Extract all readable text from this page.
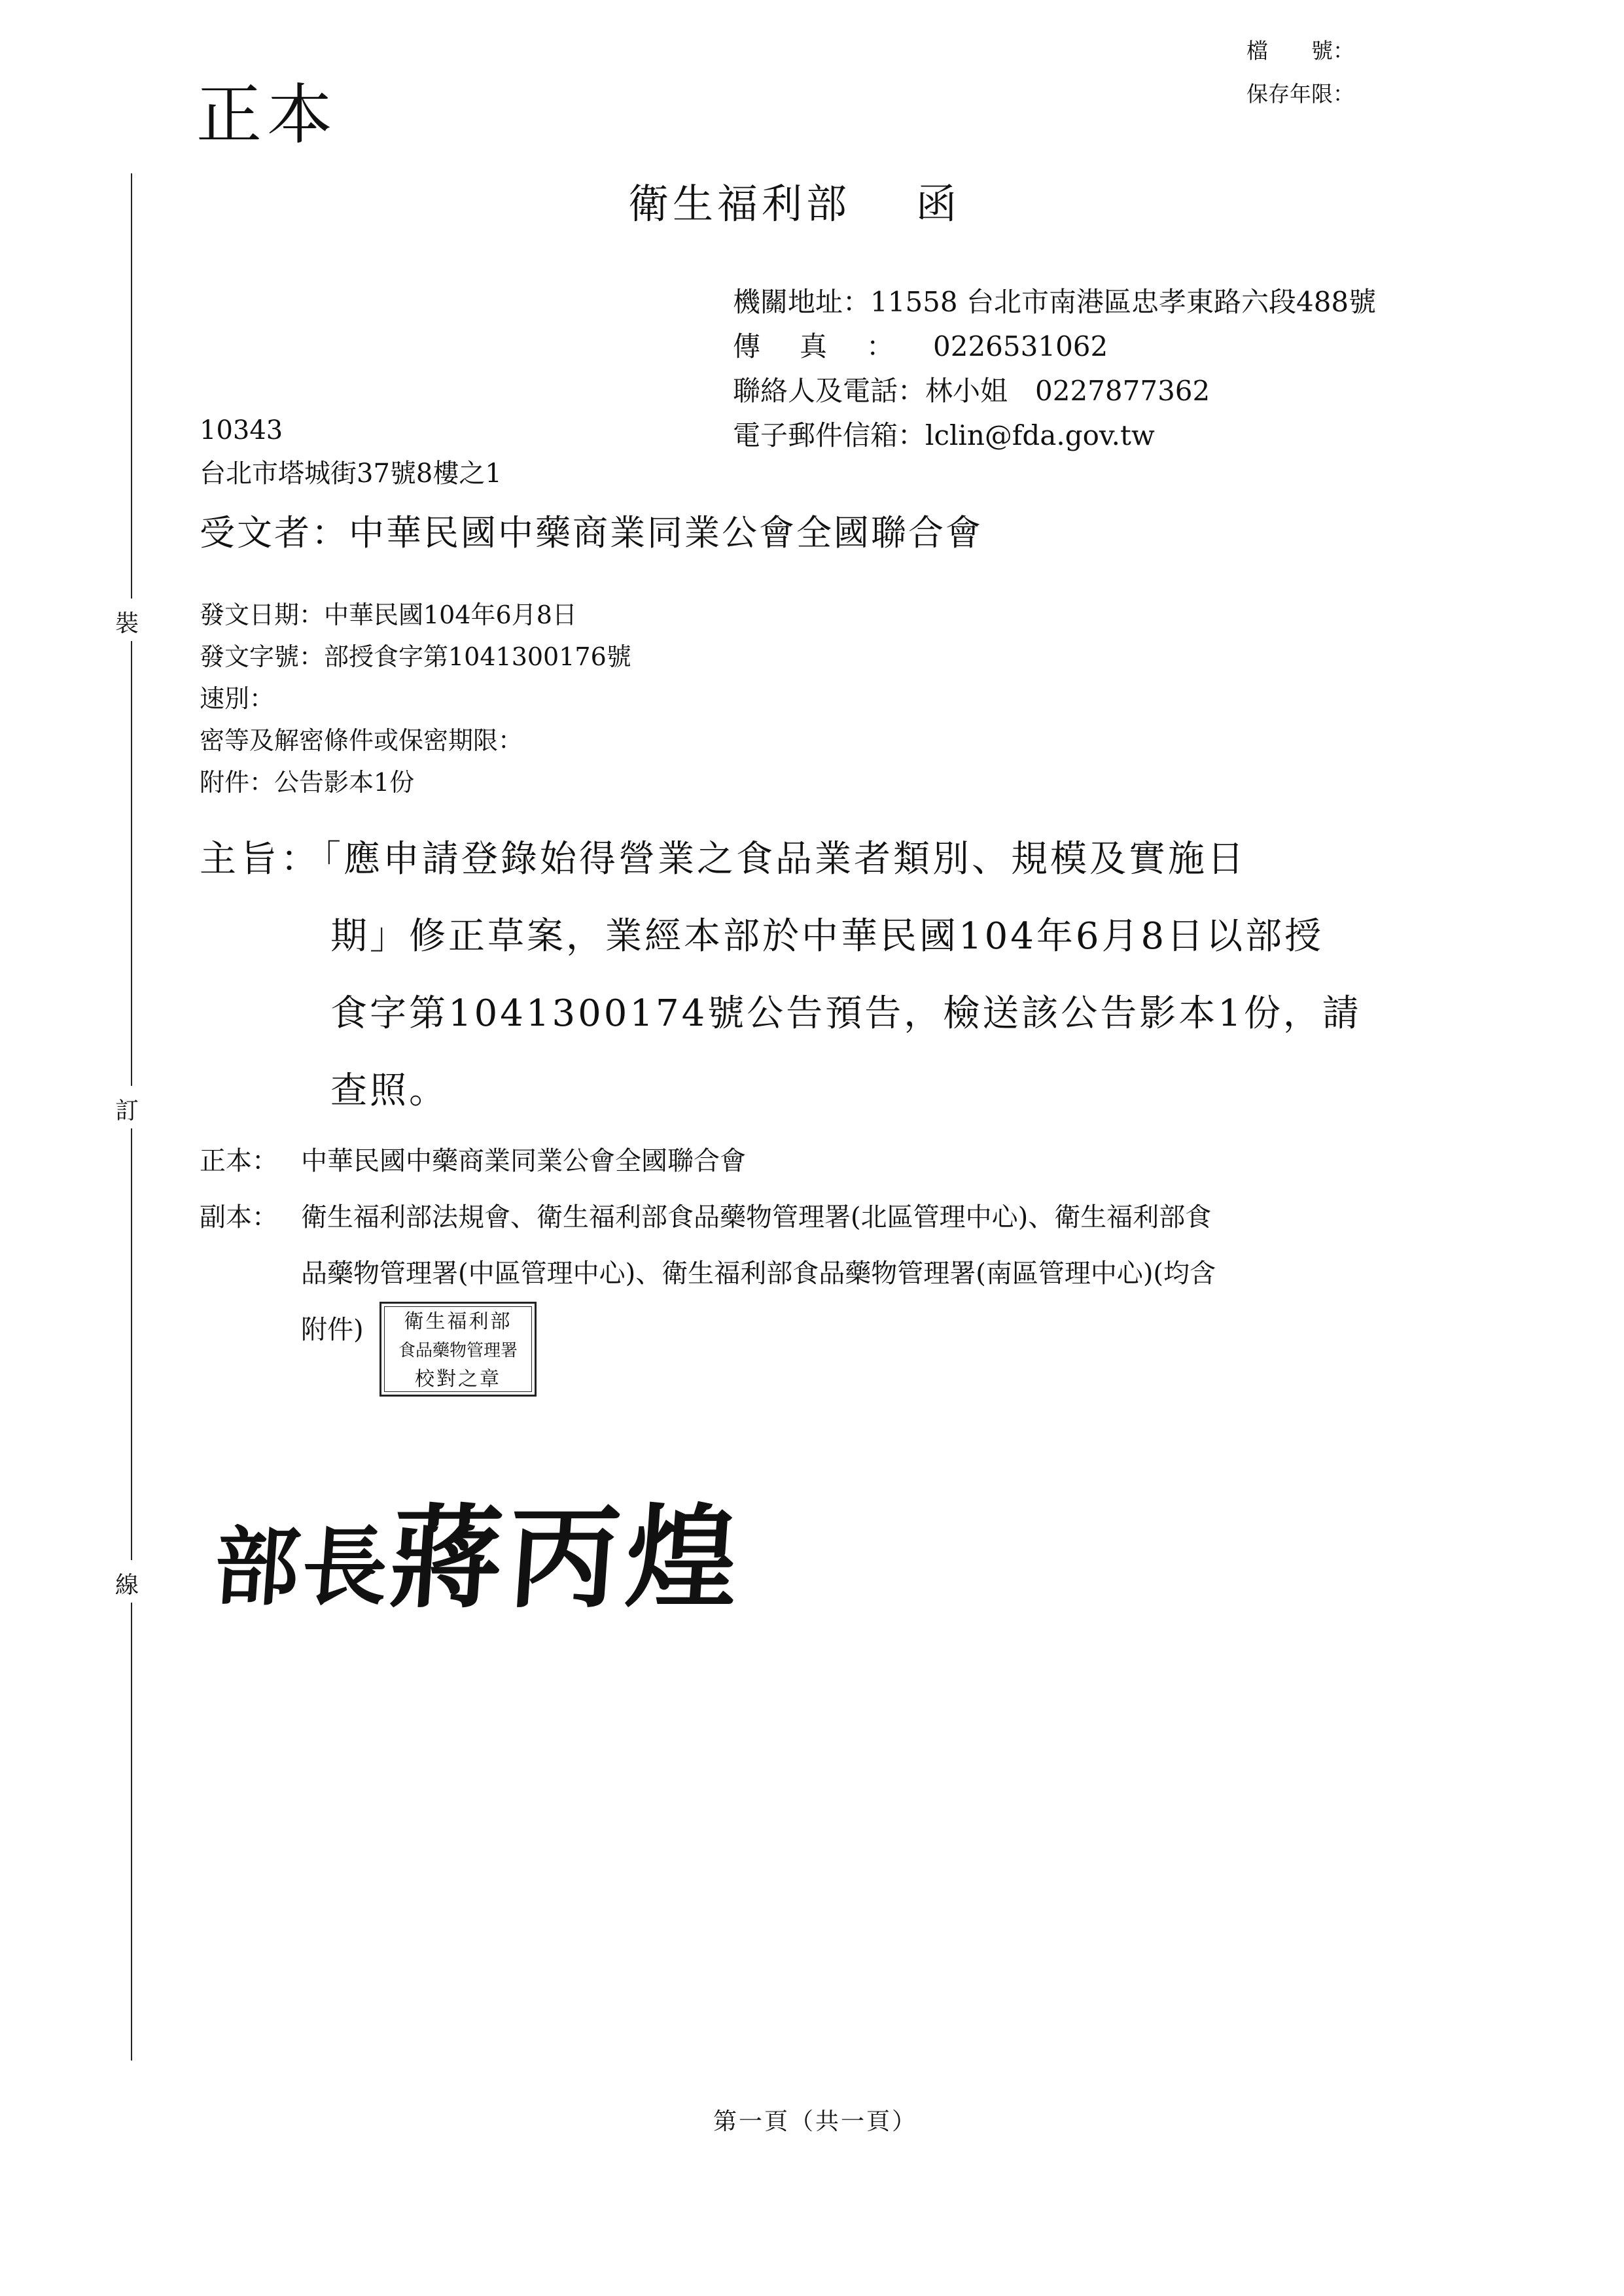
正本
檔　　號：
保存年限：
裝
訂
線
衛生福利部 函
機關地址：11558 台北市南港區忠孝東路六段488號
傳真：0226531062
聯絡人及電話：林小姐　0227877362
電子郵件信箱：lclin@fda.gov.tw
10343
台北市塔城街37號8樓之1
受文者：中華民國中藥商業同業公會全國聯合會
發文日期：中華民國104年6月8日
發文字號：部授食字第1041300176號
速別：
密等及解密條件或保密期限：
附件：公告影本1份
主旨：
「應申請登錄始得營業之食品業者類別、規模及實施日
期」修正草案，業經本部於中華民國104年6月8日以部授
食字第1041300174號公告預告，檢送該公告影本1份，請
查照。
正本： 中華民國中藥商業同業公會全國聯合會
副本： 衛生福利部法規會、衛生福利部食品藥物管理署(北區管理中心)、衛生福利部食
品藥物管理署(中區管理中心)、衛生福利部食品藥物管理署(南區管理中心)(均含
附件)	衛生福利部
食品藥物管理署
校對之章
部長蔣丙煌
第一頁（共一頁）
